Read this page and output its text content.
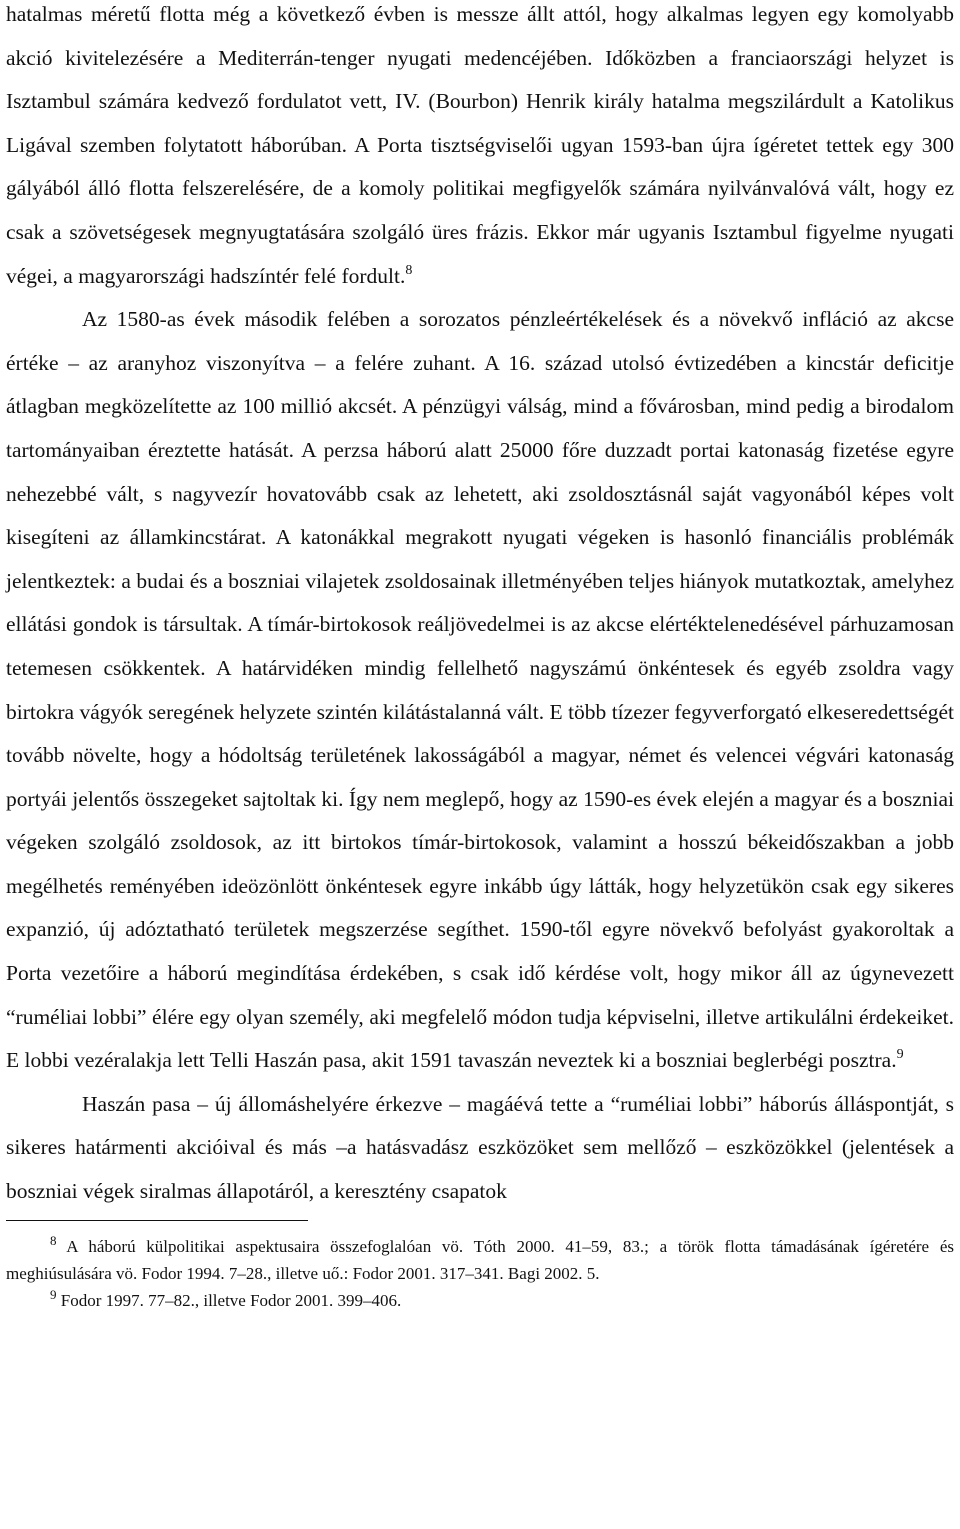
hatalmas méretű flotta még a következő évben is messze állt attól, hogy alkalmas legyen egy komolyabb akció kivitelezésére a Mediterrán-tenger nyugati medencéjében. Időközben a franciaországi helyzet is Isztambul számára kedvező fordulatot vett, IV. (Bourbon) Henrik király hatalma megszilárdult a Katolikus Ligával szemben folytatott háborúban. A Porta tisztségviselői ugyan 1593-ban újra ígéretet tettek egy 300 gályából álló flotta felszerelésére, de a komoly politikai megfigyelők számára nyilvánvalóvá vált, hogy ez csak a szövetségesek megnyugtatására szolgáló üres frázis. Ekkor már ugyanis Isztambul figyelme nyugati végei, a magyarországi hadszíntér felé fordult.$^8$

Az 1580-as évek második felében a sorozatos pénzleértékelések és a növekvő infláció az akcse értéke – az aranyhoz viszonyítva – a felére zuhant. A 16. század utolsó évtizedében a kincstár deficitje átlagban megközelítette az 100 millió akcsét. A pénzügyi válság, mind a fővárosban, mind pedig a birodalom tartományaiban éreztette hatását. A perzsa háború alatt 25000 főre duzzadt portai katonaság fizetése egyre nehezebbé vált, s nagyvezír hovatovább csak az lehetett, aki zsoldosztásnál saját vagyonából képes volt kisegíteni az államkincstárat. A katonákkal megrakott nyugati végeken is hasonló financiális problémák jelentkeztek: a budai és a boszniai vilajetek zsoldosainak illetményében teljes hiányok mutatkoztak, amelyhez ellátási gondok is társultak. A tímár-birtokosok reáljövedelmei is az akcse elértéktelenedésével párhuzamosan tetemesen csökkentek. A határvidéken mindig fellelhető nagyszámú önkéntesek és egyéb zsoldra vagy birtokra vágyók seregének helyzete szintén kilátástalanná vált. E több tízezer fegyverforgató elkeseredettségét tovább növelte, hogy a hódoltság területének lakosságából a magyar, német és velencei végvári katonaság portyái jelentős összegeket sajtoltak ki. Így nem meglepő, hogy az 1590-es évek elején a magyar és a boszniai végeken szolgáló zsoldosok, az itt birtokos tímár-birtokosok, valamint a hosszú békeidőszakban a jobb megélhetés reményében ideözönlött önkéntesek egyre inkább úgy látták, hogy helyzetükön csak egy sikeres expanzió, új adóztatható területek megszerzése segíthet. 1590-től egyre növekvő befolyást gyakoroltak a Porta vezetőire a háború megindítása érdekében, s csak idő kérdése volt, hogy mikor áll az úgynevezett “ruméliai lobbi” élére egy olyan személy, aki megfelelő módon tudja képviselni, illetve artikulálni érdekeiket. E lobbi vezéralakja lett Telli Haszán pasa, akit 1591 tavaszán neveztek ki a boszniai beglerbégi posztra.$^9$

Haszán pasa – új állomáshelyére érkezve – magáévá tette a “ruméliai lobbi” háborús álláspontját, s sikeres határmenti akcióival és más –a hatásvadász eszközöket sem mellőző – eszközökkel (jelentések a boszniai végek siralmas állapotáról, a keresztény csapatok

$^8$ A háború külpolitikai aspektusaira összefoglalóan vö. Tóth 2000. 41–59, 83.; a török flotta támadásának ígéretére és meghiúsulására vö. Fodor 1994. 7–28., illetve uő.: Fodor 2001. 317–341. Bagi 2002. 5.

$^9$ Fodor 1997. 77–82., illetve Fodor 2001. 399–406.
